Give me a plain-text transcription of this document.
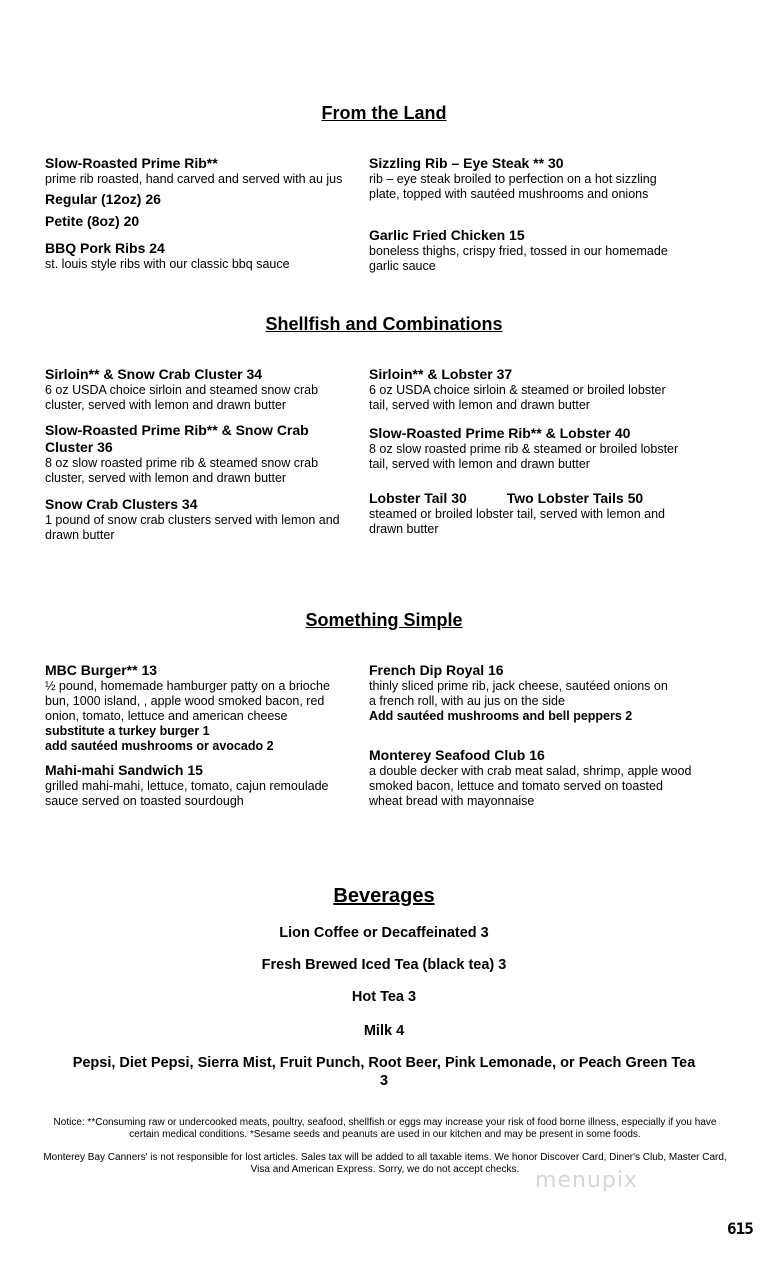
From the Land

Slow-Roasted Prime Rib**

prime rib roasted, hand carved and served with au jus

Regular (12oz) 26
Petite (8oz) 20

BBQ Pork Ribs 24

st. louis style ribs with our classic bbq sauce

Sizzling Rib – Eye Steak ** 30

rib – eye steak broiled to perfection on a hot sizzling plate, topped with sautéed mushrooms and onions

Garlic Fried Chicken 15

boneless thighs, crispy fried, tossed in our homemade garlic sauce

Shellfish and Combinations

Sirloin** & Snow Crab Cluster 34

6 oz USDA choice sirloin and steamed snow crab cluster, served with lemon and drawn butter

Slow-Roasted Prime Rib** & Snow Crab Cluster 36

8 oz slow roasted prime rib & steamed snow crab cluster, served with lemon and drawn butter

Snow Crab Clusters 34

1 pound of snow crab clusters served with lemon and drawn butter

Sirloin** & Lobster 37

6 oz USDA choice sirloin & steamed or broiled lobster tail, served with lemon and drawn butter

Slow-Roasted Prime Rib** & Lobster 40

8 oz slow roasted prime rib & steamed or broiled lobster tail, served with lemon and drawn butter

Lobster Tail 30	Two Lobster Tails 50

steamed or broiled lobster tail, served with lemon and drawn butter

Something Simple

MBC Burger** 13

½ pound, homemade hamburger patty on a brioche bun, 1000 island, , apple wood smoked bacon, red onion, tomato, lettuce and american cheese

substitute a turkey burger 1

add sautéed mushrooms or avocado 2

Mahi-mahi Sandwich 15

grilled mahi-mahi, lettuce, tomato, cajun remoulade sauce served on toasted sourdough

French Dip Royal 16

thinly sliced prime rib, jack cheese, sautéed onions on a french roll, with au jus on the side

Add sautéed mushrooms and bell peppers 2

Monterey Seafood Club 16

a double decker with crab meat salad, shrimp, apple wood smoked bacon, lettuce and tomato served on toasted wheat bread with mayonnaise

Beverages
Lion Coffee or Decaffeinated 3
Fresh Brewed Iced Tea (black tea) 3
Hot Tea 3
Milk 4
Pepsi, Diet Pepsi, Sierra Mist, Fruit Punch, Root Beer, Pink Lemonade, or Peach Green Tea
3
Notice: **Consuming raw or undercooked meats, poultry, seafood, shellfish or eggs may increase your risk of food borne illness, especially if you have certain medical conditions. *Sesame seeds and peanuts are used in our kitchen and may be present in some foods.
Monterey Bay Canners' is not responsible for lost articles. Sales tax will be added to all taxable items. We honor Discover Card, Diner's Club, Master Card, Visa and American Express. Sorry, we do not accept checks. menupix
615
